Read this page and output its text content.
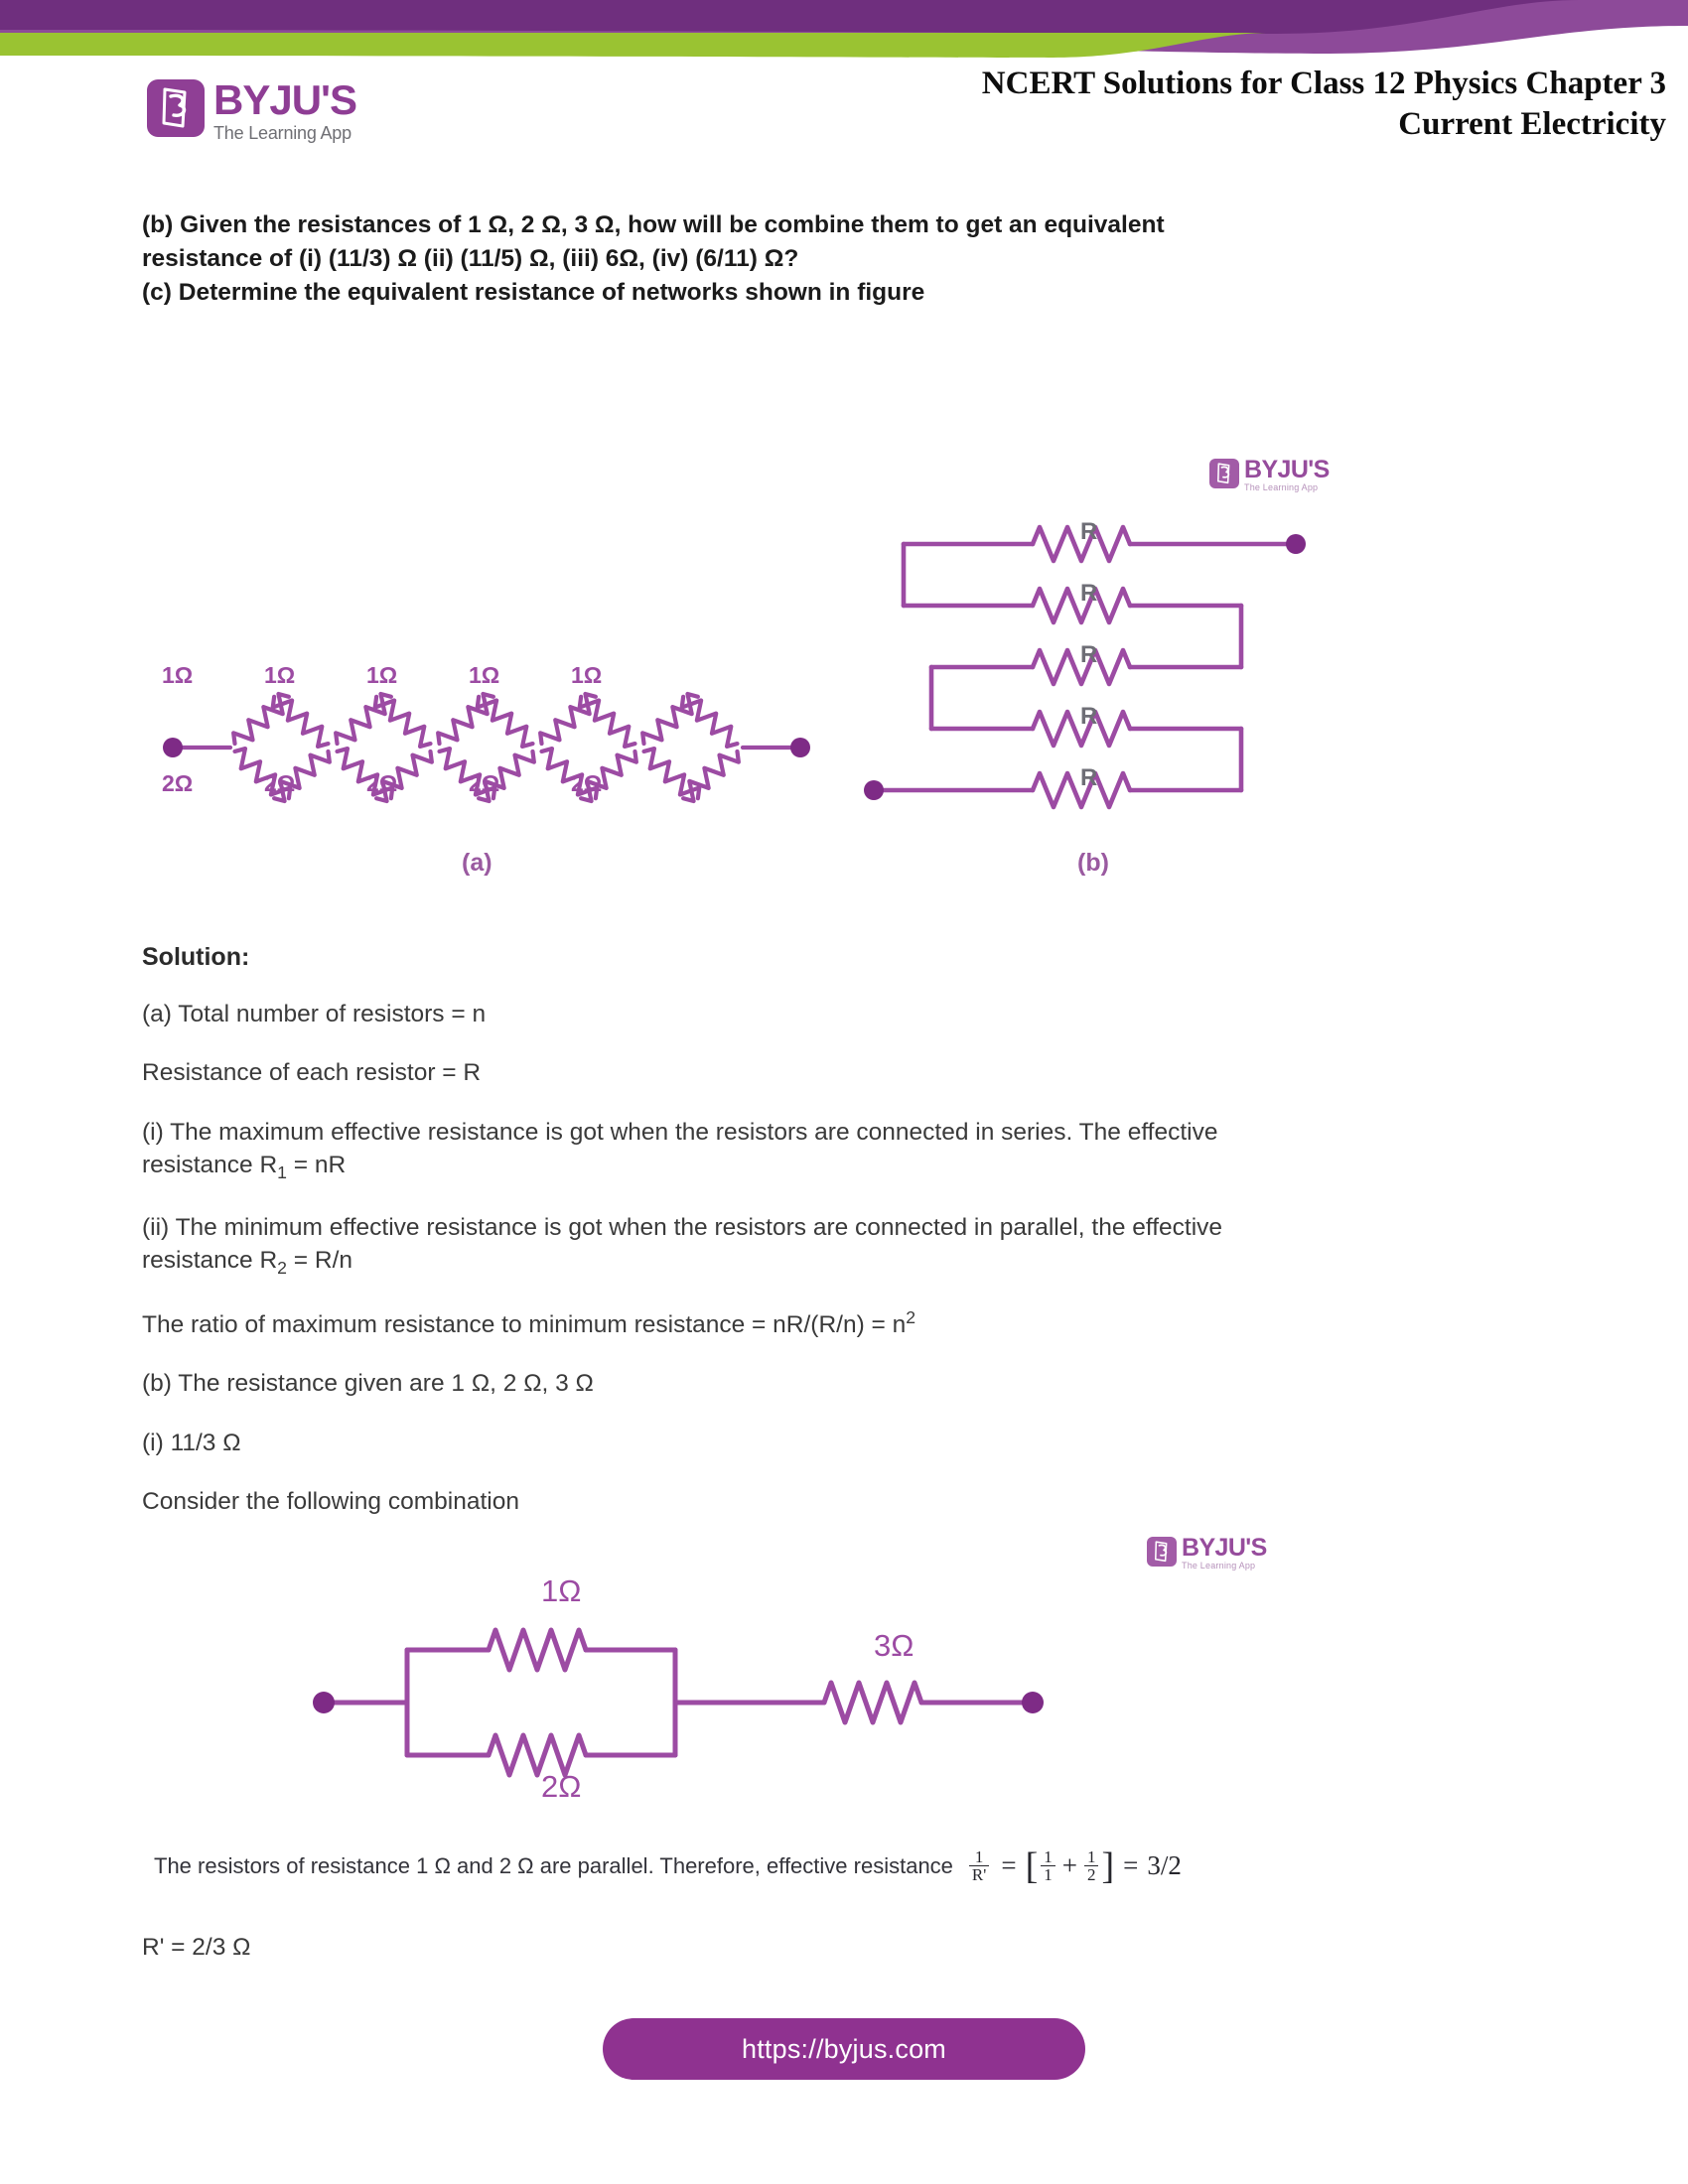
BYJU'S
The Learning App
NCERT Solutions for Class 12 Physics Chapter 3
Current Electricity
(b) Given the resistances of 1 Ω, 2 Ω, 3 Ω, how will be combine them to get an equivalent
resistance of (i) (11/3) Ω (ii) (11/5) Ω, (iii) 6Ω, (iv) (6/11) Ω?
(c) Determine the equivalent resistance of networks shown in figure
BYJU'S
The Learning App
1Ω	1Ω	1Ω	1Ω	1Ω
2Ω	2Ω	2Ω	2Ω	2Ω
(a)
R
R
R
R
R
(b)
Solution:
(a) Total number of resistors = n
Resistance of each resistor = R
(i) The maximum effective resistance is got when the resistors are connected in series. The effective
resistance $R_1$ = nR
(ii) The minimum effective resistance is got when the resistors are connected in parallel, the effective
resistance $R_2 = R/n$
The ratio of maximum resistance to minimum resistance = $nR/(R/n) = n^2$
(b) The resistance given are 1 Ω, 2 Ω, 3 Ω
(i) 11/3 Ω
Consider the following combination
BYJU'S
The Learning App
1Ω
2Ω
3Ω
The resistors of resistance 1 Ω and 2 Ω are parallel. Therefore, effective resistance $\frac{1}{R'}$ = [ $\frac{1}{1} + \frac{1}{2}$ ] = 3/2
R' = 2/3 Ω
https://byjus.com
